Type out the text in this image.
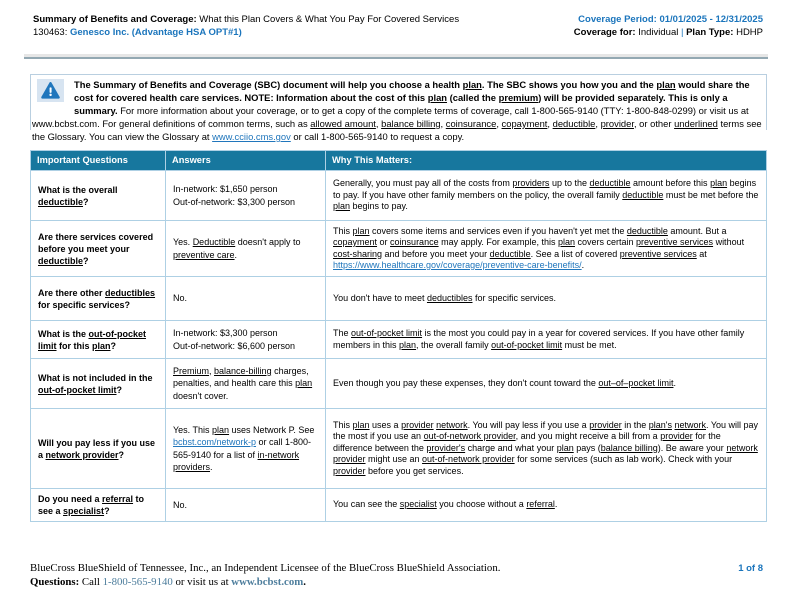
Summary of Benefits and Coverage: What this Plan Covers & What You Pay For Covered Services
130463: Genesco Inc. (Advantage HSA OPT#1)
Coverage Period: 01/01/2025 - 12/31/2025
Coverage for: Individual | Plan Type: HDHP

The Summary of Benefits and Coverage (SBC) document will help you choose a health plan. The SBC shows you how you and the plan would share the cost for covered health care services. NOTE: Information about the cost of this plan (called the premium) will be provided separately. This is only a summary. For more information about your coverage, or to get a copy of the complete terms of coverage, call 1-800-565-9140 (TTY: 1-800-848-0299) or visit us at www.bcbst.com. For general definitions of common terms, such as allowed amount, balance billing, coinsurance, copayment, deductible, provider, or other underlined terms see the Glossary. You can view the Glossary at www.cciio.cms.gov or call 1-800-565-9140 to request a copy.

Important Questions	Answers	Why This Matters:
What is the overall deductible?	In-network: $1,650 person
Out-of-network: $3,300 person	Generally, you must pay all of the costs from providers up to the deductible amount before this plan begins to pay. If you have other family members on the policy, the overall family deductible must be met before the plan begins to pay.
Are there services covered before you meet your deductible?	Yes. Deductible doesn't apply to preventive care.	This plan covers some items and services even if you haven't yet met the deductible amount. But a copayment or coinsurance may apply. For example, this plan covers certain preventive services without cost-sharing and before you meet your deductible. See a list of covered preventive services at https://www.healthcare.gov/coverage/preventive-care-benefits/.
Are there other deductibles for specific services?	No.	You don't have to meet deductibles for specific services.
What is the out-of-pocket limit for this plan?	In-network: $3,300 person
Out-of-network: $6,600 person	The out-of-pocket limit is the most you could pay in a year for covered services. If you have other family members in this plan, the overall family out-of-pocket limit must be met.
What is not included in the out-of-pocket limit?	Premium, balance-billing charges, penalties, and health care this plan doesn't cover.	Even though you pay these expenses, they don't count toward the out–of–pocket limit.
Will you pay less if you use a network provider?	Yes. This plan uses Network P. See bcbst.com/network-p or call 1-800-565-9140 for a list of in-network providers.	This plan uses a provider network. You will pay less if you use a provider in the plan's network. You will pay the most if you use an out-of-network provider, and you might receive a bill from a provider for the difference between the provider's charge and what your plan pays (balance billing). Be aware your network provider might use an out-of-network provider for some services (such as lab work). Check with your provider before you get services.
Do you need a referral to see a specialist?	No.	You can see the specialist you choose without a referral.
BlueCross BlueShield of Tennessee, Inc., an Independent Licensee of the BlueCross BlueShield Association.	1 of 8
Questions: Call 1-800-565-9140 or visit us at www.bcbst.com.
